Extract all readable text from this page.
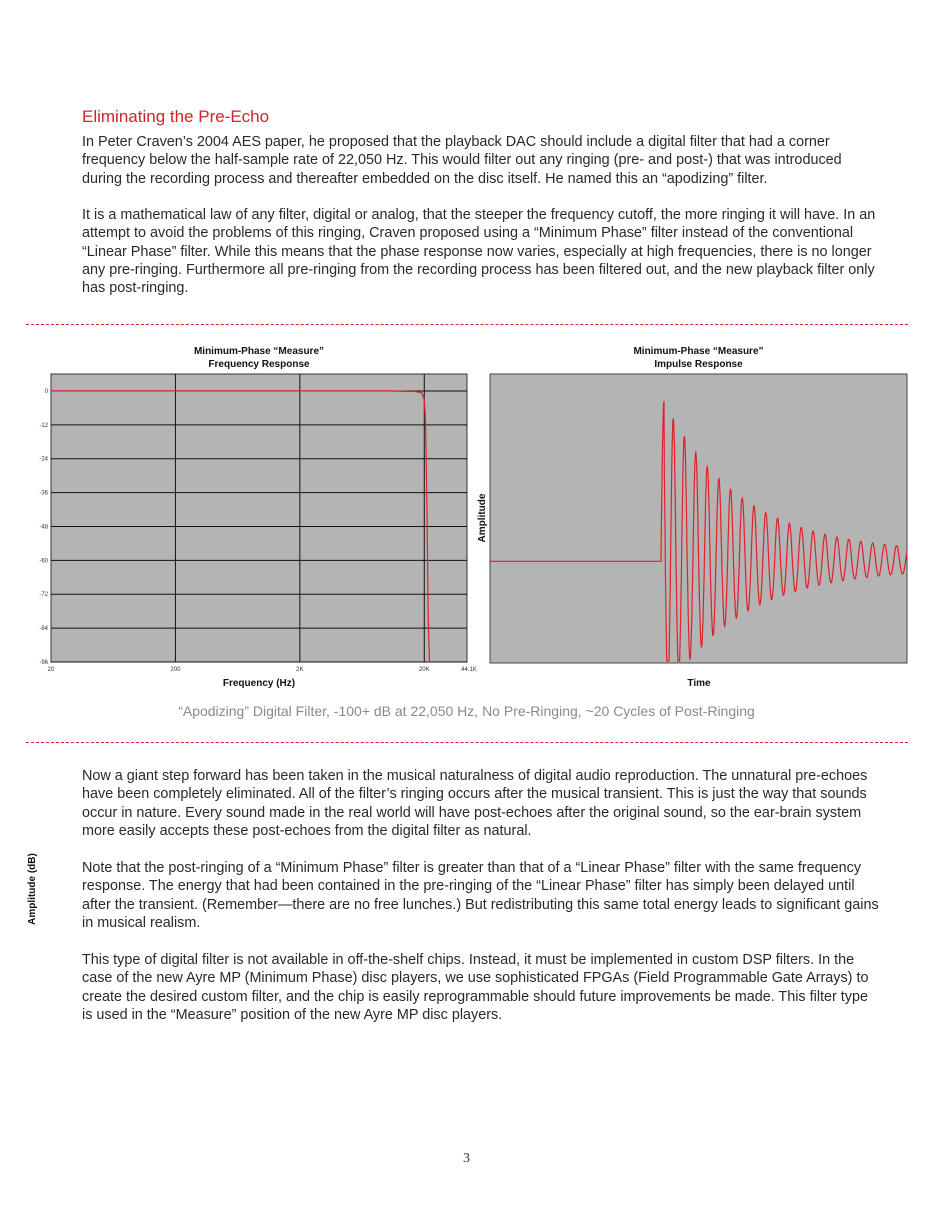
Eliminating the Pre-Echo

In Peter Craven’s 2004 AES paper, he proposed that the playback DAC should include a digital filter that had a corner frequency below the half-sample rate of 22,050 Hz. This would filter out any ringing (pre- and post-) that was introduced during the recording process and thereafter embedded on the disc itself. He named this an “apodizing” filter.

It is a mathematical law of any filter, digital or analog, that the steeper the frequency cutoff, the more ringing it will have. In an attempt to avoid the problems of this ringing, Craven proposed using a “Minimum Phase” filter instead of the conventional “Linear Phase” filter. While this means that the phase response now varies, especially at high frequencies, there is no longer any pre-ringing. Furthermore all pre-ringing from the recording process has been filtered out, and the new playback filter only has post-ringing.

Minimum-Phase “Measure”
Frequency Response
0
-12
-24
-36
-48
-60
-72
-84
-96
20	200	2K	20K	44.1K
Amplitude (dB)
Frequency (Hz)
Minimum-Phase “Measure”
Impulse Response
Amplitude
Time

“Apodizing” Digital Filter, -100+ dB at 22,050 Hz, No Pre-Ringing, ~20 Cycles of Post-Ringing

Now a giant step forward has been taken in the musical naturalness of digital audio reproduction. The unnatural pre-echoes have been completely eliminated. All of the filter’s ringing occurs after the musical transient. This is just the way that sounds occur in nature. Every sound made in the real world will have post-echoes after the original sound, so the ear-brain system more easily accepts these post-echoes from the digital filter as natural.

Note that the post-ringing of a “Minimum Phase” filter is greater than that of a “Linear Phase” filter with the same frequency response. The energy that had been contained in the pre-ringing of the “Linear Phase” filter has simply been delayed until after the transient. (Remember—there are no free lunches.) But redistributing this same total energy leads to significant gains in musical realism.

This type of digital filter is not available in off-the-shelf chips. Instead, it must be implemented in custom DSP filters. In the case of the new Ayre MP (Minimum Phase) disc players, we use sophisticated FPGAs (Field Programmable Gate Arrays) to create the desired custom filter, and the chip is easily reprogrammable should future improvements be made. This filter type is used in the “Measure” position of the new Ayre MP disc players.

3
